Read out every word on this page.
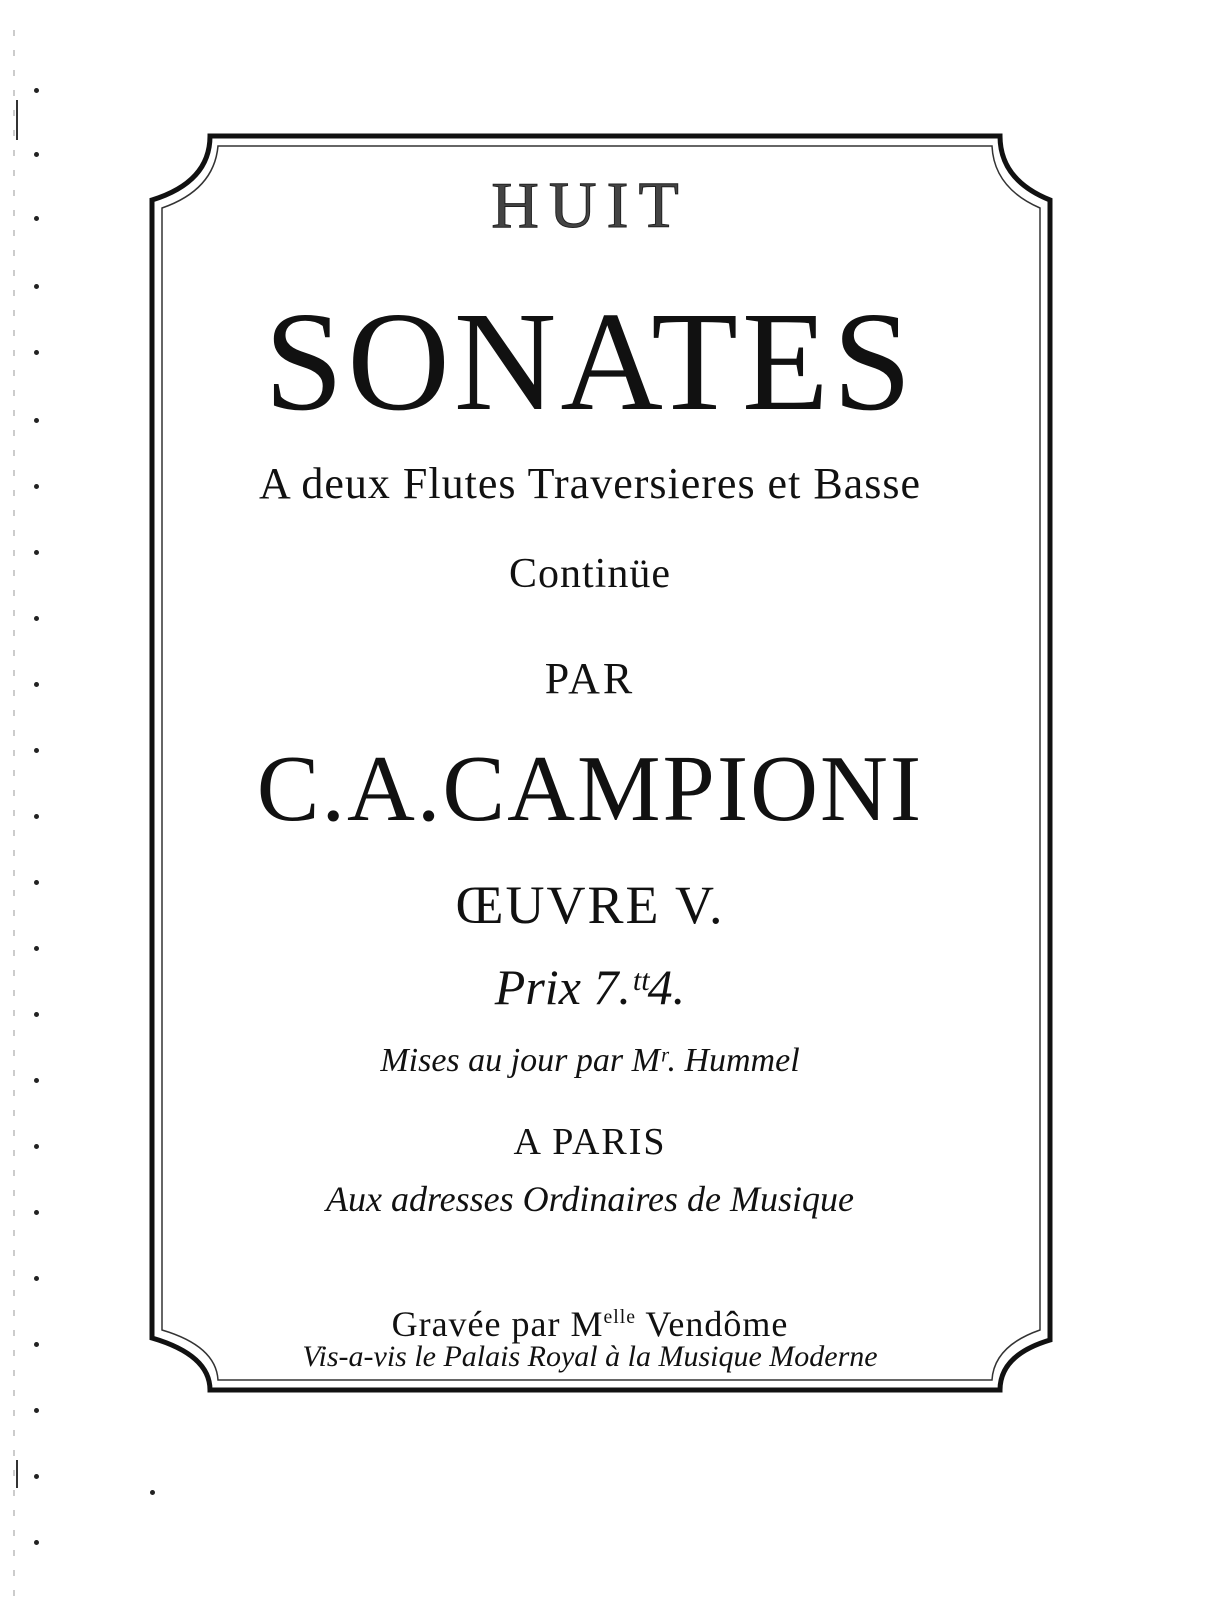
HUIT
SONATES
A deux Flutes Traversieres et Basse
Continüe
PAR
C.A.CAMPIONI
ŒUVRE V.
Prix 7.ᵗᵗ4.
Mises au jour par Mʳ. Hummel
A PARIS
Aux adresses Ordinaires de Musique
Gravée par $M^{elle}$ Vendôme
Vis-a-vis le Palais Royal à la Musique Moderne
